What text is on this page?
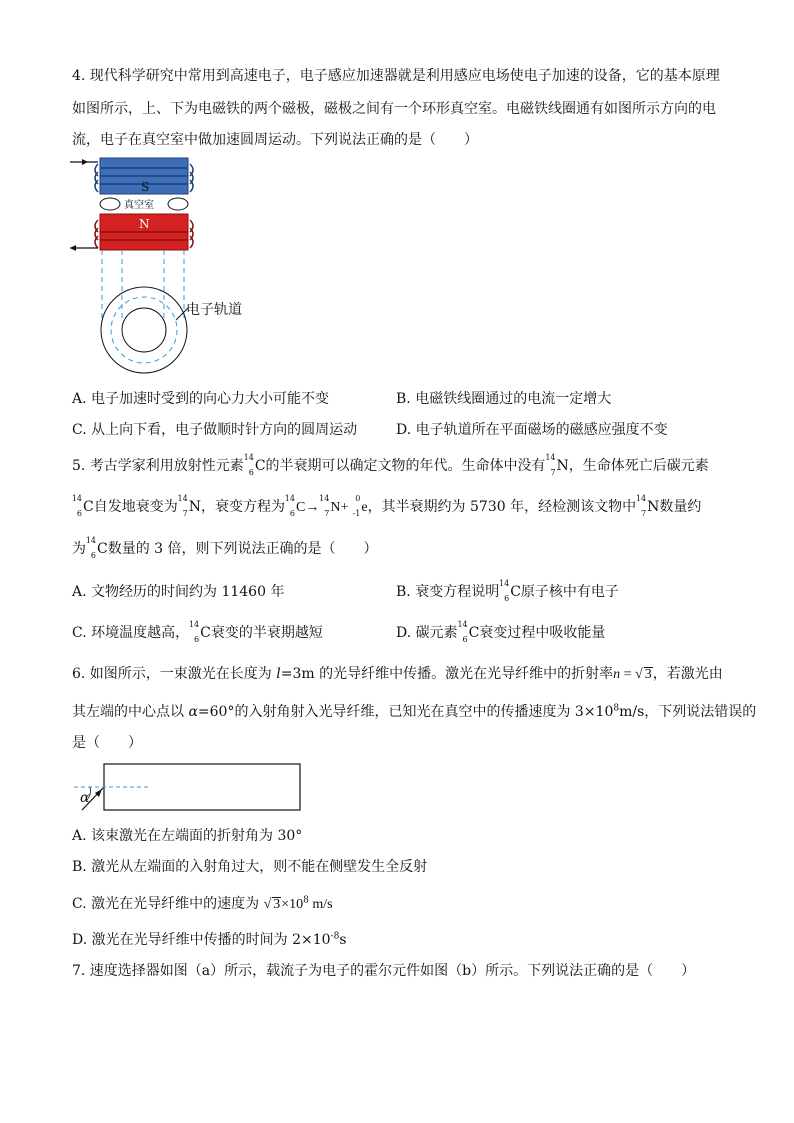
4. 现代科学研究中常用到高速电子，电子感应加速器就是利用感应电场使电子加速的设备，它的基本原理
如图所示，上、下为电磁铁的两个磁极，磁极之间有一个环形真空室。电磁铁线圈通有如图所示方向的电
流，电子在真空室中做加速圆周运动。下列说法正确的是（　　）
S
真空室
N
电子轨道
A. 电子加速时受到的向心力大小可能不变	B. 电磁铁线圈通过的电流一定增大
C. 从上向下看，电子做顺时针方向的圆周运动	D. 电子轨道所在平面磁场的磁感应强度不变
5. 考古学家利用放射性元素
14
6 C的半衰期可以确定文物的年代。生命体中没有
14
7 N，生命体死亡后碳元素
14
6 C自发地衰变为
14
7 N，衰变方程为
14
6 C→
14
7 N+
0
-1 e，其半衰期约为 5730 年，经检测该文物中
14
7 N数量约
为
14
6 C数量的 3 倍，则下列说法正确的是（　　）
A. 文物经历的时间约为 11460 年	B. 衰变方程说明
14
6 C原子核中有电子
C. 环境温度越高，
14
6 C衰变的半衰期越短	D. 碳元素
14
6 C衰变过程中吸收能量
6. 如图所示，一束激光在长度为 l=3m 的光导纤维中传播。激光在光导纤维中的折射率n = √ 3，若激光由
其左端的中心点以 α=60°的入射角射入光导纤维，已知光在真空中的传播速度为 $3\times 10^8m/s$，下列说法错误的
是（　　）
α
A. 该束激光在左端面的折射角为 30°
B. 激光从左端面的入射角过大，则不能在侧壁发生全反射
C. 激光在光导纤维中的速度为 √ $3\times 10^8$ m/s
D. 激光在光导纤维中传播的时间为 $2\times 10^{-8}s$
7. 速度选择器如图（a）所示，载流子为电子的霍尔元件如图（b）所示。下列说法正确的是（　　）
